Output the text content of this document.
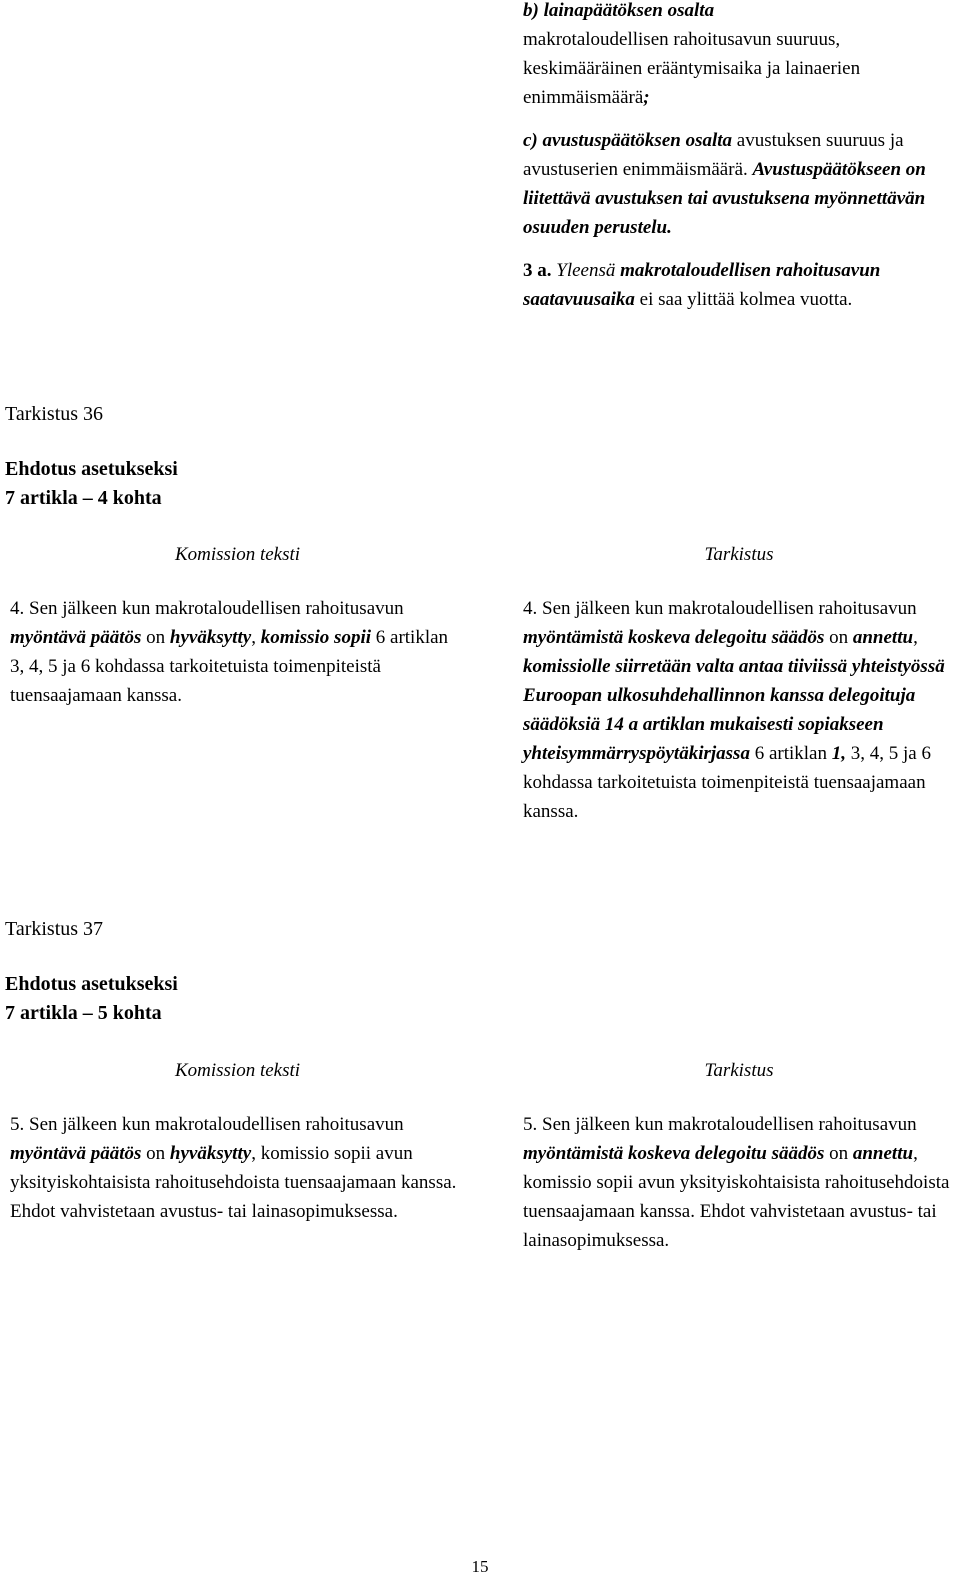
b) lainapäätöksen osalta
makrotaloudellisen rahoitusavun suuruus, keskimääräinen erääntymisaika ja lainaerien enimmäismäärä;

c) avustuspäätöksen osalta avustuksen suuruus ja avustuserien enimmäismäärä. Avustuspäätökseen on liitettävä avustuksen tai avustuksena myönnettävän osuuden perustelu.

3 a. Yleensä makrotaloudellisen rahoitusavun saatavuusaika ei saa ylittää kolmea vuotta.

Tarkistus 36
Ehdotus asetukseksi
7 artikla – 4 kohta
Komission teksti	Tarkistus
4. Sen jälkeen kun makrotaloudellisen rahoitusavun myöntävä päätös on hyväksytty, komissio sopii 6 artiklan 3, 4, 5 ja 6 kohdassa tarkoitetuista toimenpiteistä tuensaajamaan kanssa.
4. Sen jälkeen kun makrotaloudellisen rahoitusavun myöntämistä koskeva delegoitu säädös on annettu, komissiolle siirretään valta antaa tiiviissä yhteistyössä Euroopan ulkosuhdehallinnon kanssa delegoituja säädöksiä 14 a artiklan mukaisesti sopiakseen yhteisymmärryspöytäkirjassa 6 artiklan 1, 3, 4, 5 ja 6 kohdassa tarkoitetuista toimenpiteistä tuensaajamaan kanssa.
Tarkistus 37
Ehdotus asetukseksi
7 artikla – 5 kohta
Komission teksti	Tarkistus
5. Sen jälkeen kun makrotaloudellisen rahoitusavun myöntävä päätös on hyväksytty, komissio sopii avun yksityiskohtaisista rahoitusehdoista tuensaajamaan kanssa. Ehdot vahvistetaan avustus- tai lainasopimuksessa.
5. Sen jälkeen kun makrotaloudellisen rahoitusavun myöntämistä koskeva delegoitu säädös on annettu, komissio sopii avun yksityiskohtaisista rahoitusehdoista tuensaajamaan kanssa. Ehdot vahvistetaan avustus- tai lainasopimuksessa.
15
